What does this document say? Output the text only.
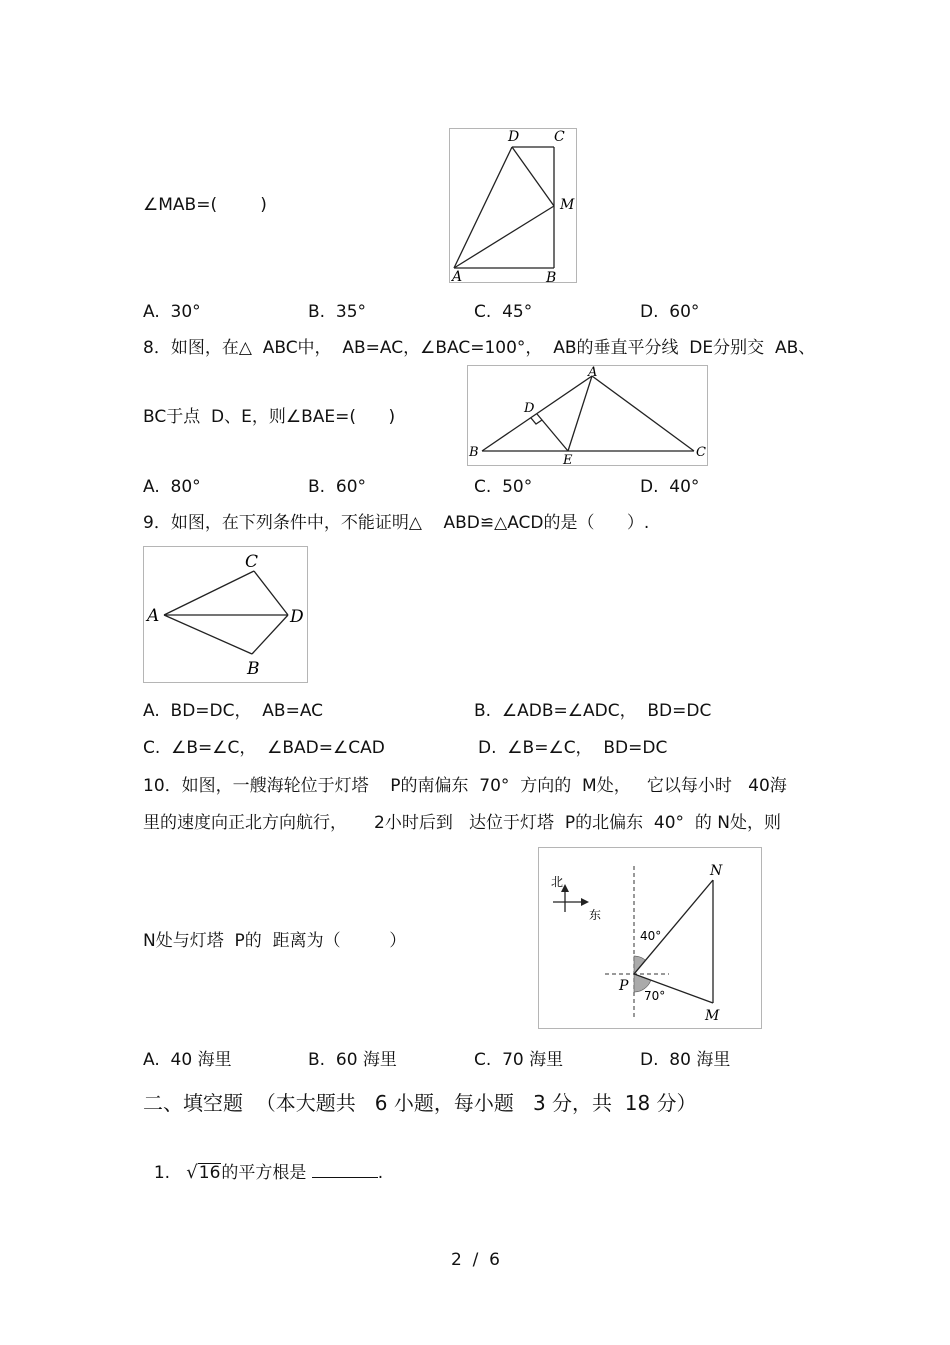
∠MAB=(        )
D C
M
A	B
A.  30°	B.  35°	C.  45°	D.  60°
8．如图，在△  ABC中，  AB=AC，∠BAC=100°，  AB的垂直平分线  DE分别交  AB、
A
D
B
E
C
BC于点  D、E，则∠BAE=(      )
A.  80°	B.  60°	C.  50°	D.  40°
9．如图，在下列条件中，不能证明△    ABD≌△ACD的是（      ）.
C
A	D
B
A.  BD=DC，  AB=AC	B.  ∠ADB=∠ADC，  BD=DC
C.  ∠B=∠C，  ∠BAD=∠CAD	D.  ∠B=∠C，  BD=DC
10．如图，一艘海轮位于灯塔    P的南偏东  70°  方向的  M处，   它以每小时   40海
里的速度向正北方向航行，     2小时后到   达位于灯塔  P的北偏东  40°  的 N处，则
北
东
N
P
M
40°
70°
N处与灯塔  P的  距离为（         ）
A.  40 海里	B.  60 海里	C.  70 海里	D.  80 海里
二、填空题  （本大题共   6 小题，每小题   3 分，共  18 分）

1. √16的平方根是	.

2  /  6
